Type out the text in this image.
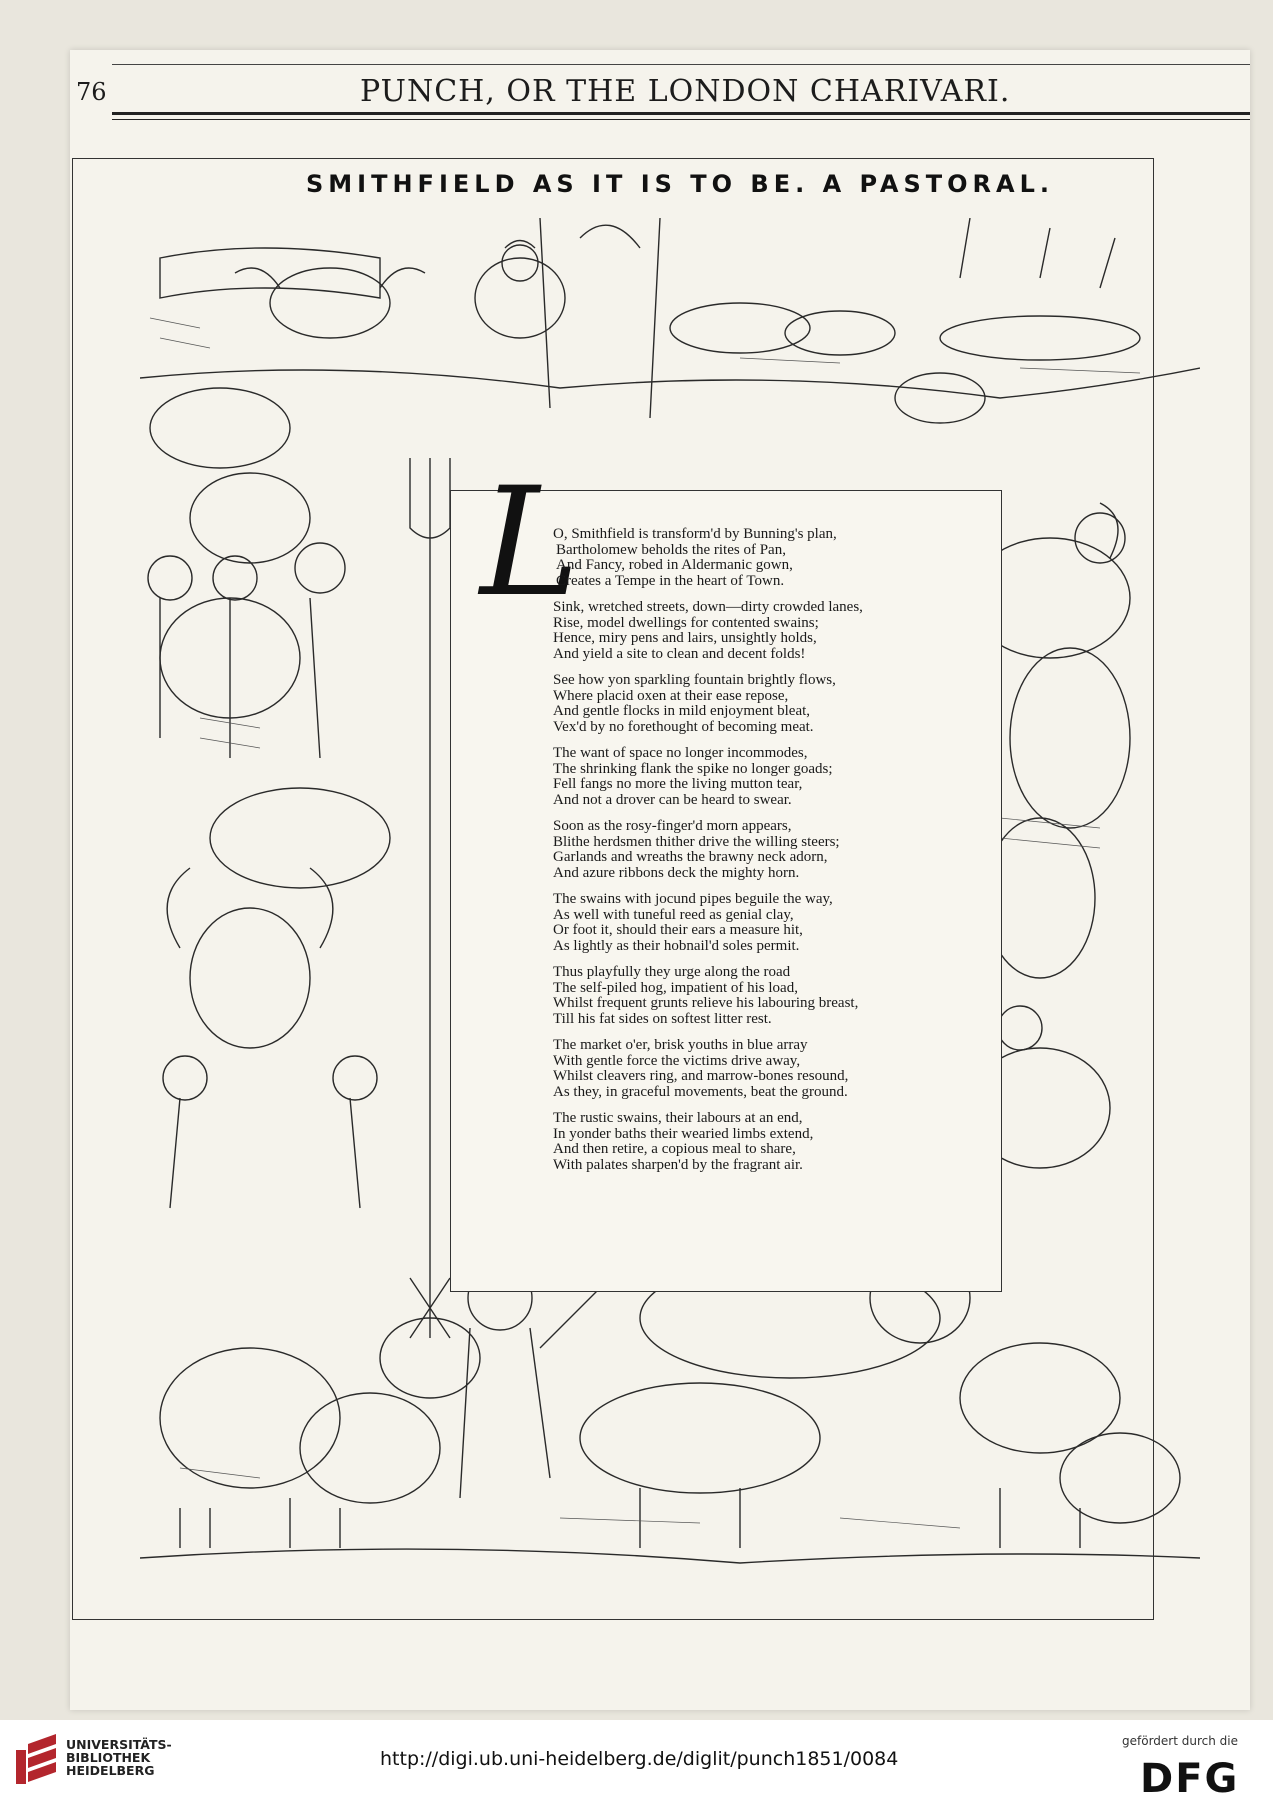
76	PUNCH, OR THE LONDON CHARIVARI.
SMITHFIELD AS IT IS TO BE. A PASTORAL.
L
O, Smithfield is transform'd by Bunning's plan,
Bartholomew beholds the rites of Pan,
And Fancy, robed in Aldermanic gown,
Creates a Tempe in the heart of Town.
Sink, wretched streets, down—dirty crowded lanes,
Rise, model dwellings for contented swains;
Hence, miry pens and lairs, unsightly holds,
And yield a site to clean and decent folds!
See how yon sparkling fountain brightly flows,
Where placid oxen at their ease repose,
And gentle flocks in mild enjoyment bleat,
Vex'd by no forethought of becoming meat.
The want of space no longer incommodes,
The shrinking flank the spike no longer goads;
Fell fangs no more the living mutton tear,
And not a drover can be heard to swear.
Soon as the rosy-finger'd morn appears,
Blithe herdsmen thither drive the willing steers;
Garlands and wreaths the brawny neck adorn,
And azure ribbons deck the mighty horn.
The swains with jocund pipes beguile the way,
As well with tuneful reed as genial clay,
Or foot it, should their ears a measure hit,
As lightly as their hobnail'd soles permit.
Thus playfully they urge along the road
The self-piled hog, impatient of his load,
Whilst frequent grunts relieve his labouring breast,
Till his fat sides on softest litter rest.
The market o'er, brisk youths in blue array
With gentle force the victims drive away,
Whilst cleavers ring, and marrow-bones resound,
As they, in graceful movements, beat the ground.
The rustic swains, their labours at an end,
In yonder baths their wearied limbs extend,
And then retire, a copious meal to share,
With palates sharpen'd by the fragrant air.
UNIVERSITÄTS-
BIBLIOTHEK
HEIDELBERG
http://digi.ub.uni-heidelberg.de/diglit/punch1851/0084
gefördert durch die
DFG
